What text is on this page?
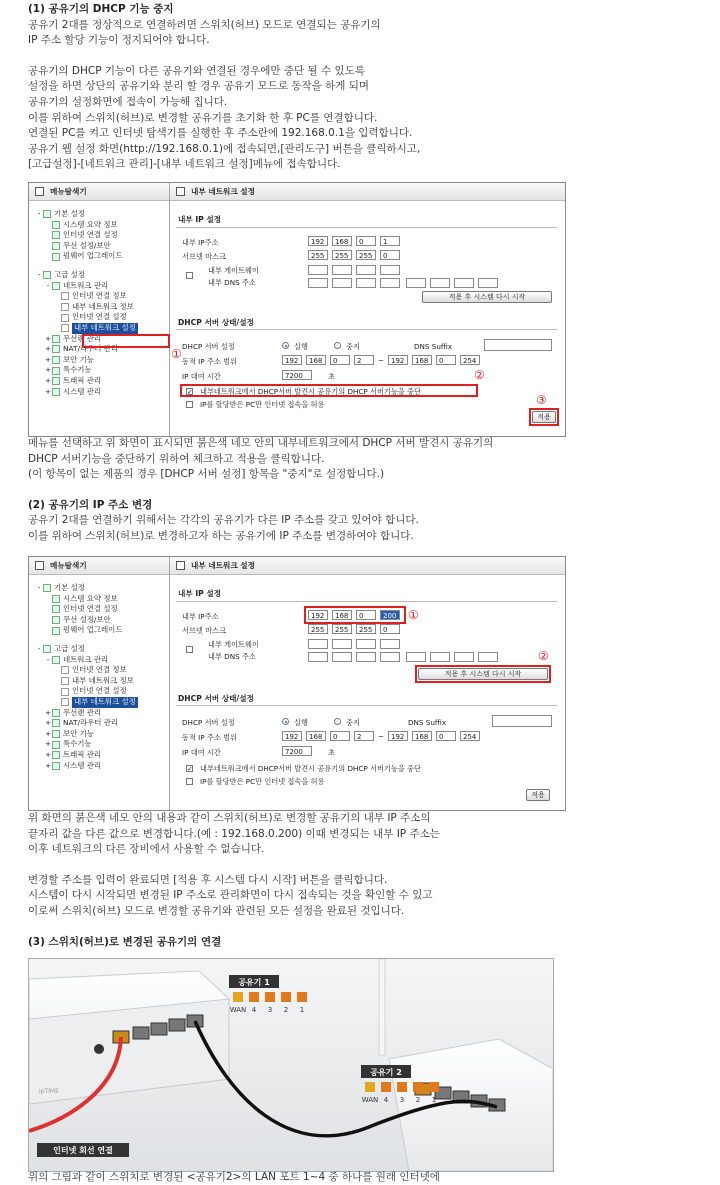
(1) 공유기의 DHCP 기능 중지
공유기 2대를 정상적으로 연결하려면 스위치(허브) 모드로 연결되는 공유기의
IP 주소 할당 기능이 정지되어야 합니다.
공유기의 DHCP 기능이 다른 공유기와 연결된 경우에만 중단 될 수 있도록
설정을 하면 상단의 공유기와 분리 할 경우 공유기 모드로 동작을 하게 되며
공유기의 설정화면에 접속이 가능해 집니다.
이를 위하여 스위치(허브)로 변경할 공유기를 초기화 한 후 PC를 연결합니다.
연결된 PC를 켜고 인터넷 탐색기를 실행한 후 주소란에 192.168.0.1을 입력합니다.
공유기 웹 설정 화면(http://192.168.0.1)에 접속되면,[관리도구] 버튼을 클릭하시고,
[고급설정]-[네트워크 관리]-[내부 네트워크 설정]메뉴에 접속합니다.
메뉴탐색기
-	기본 설정
시스템 요약 정보
인터넷 연결 설정
무선 설정/보안
펌웨어 업그레이드
-	고급 설정
-	네트워크 관리
인터넷 연결 정보
내부 네트워크 정보
인터넷 연결 설정
내부 네트워크 설정
+ 무선랜 관리
+ NAT/라우터 관리
+ 보안 기능
+ 특수기능
+ 트래픽 관리
+ 시스템 관리
내부 네트워크 설정
내부 IP 설정
내부 IP주소	192	168	0	1
서브넷 마스크	255	255	255	0
내부 게이트웨이
내부 DNS 주소
적용 후 시스템 다시 시작
DHCP 서버 상태/설정
DHCP 서버 설정	실행	중지	DNS Suffix
동적 IP 주소 범위	192	168	0	2	~ 192	168	0	254
IP 대여 시간	7200	초
✓ 내부네트워크에서 DHCP서버 발견시 공유기의 DHCP 서버기능을 중단
IP를 할당받은 PC만 인터넷 접속을 허용
적용
②
③
①
메뉴를 선택하고 위 화면이 표시되면 붉은색 네모 안의 내부네트워크에서 DHCP 서버 발견시 공유기의
DHCP 서버기능을 중단하기 위하여 체크하고 적용을 클릭합니다.
(이 항목이 없는 제품의 경우 [DHCP 서버 설정] 항목을 "중지"로 설정합니다.)
(2) 공유기의 IP 주소 변경
공유기 2대를 연결하기 위해서는 각각의 공유기가 다른 IP 주소를 갖고 있어야 합니다.
이를 위하여 스위치(허브)로 변경하고자 하는 공유기에 IP 주소를 변경하여야 합니다.
메뉴탐색기
-	기본 설정
시스템 요약 정보
인터넷 연결 설정
무선 설정/보안
펌웨어 업그레이드
-	고급 설정
-	네트워크 관리
인터넷 연결 정보
내부 네트워크 정보
인터넷 연결 설정
내부 네트워크 설정
+ 무선랜 관리
+ NAT/라우터 관리
+ 보안 기능
+ 특수기능
+ 트래픽 관리
+ 시스템 관리
내부 네트워크 설정
내부 IP 설정
내부 IP주소	192	168	0	200
서브넷 마스크	255	255	255	0
내부 게이트웨이
내부 DNS 주소
적용 후 시스템 다시 시작
①
②
DHCP 서버 상태/설정
DHCP 서버 설정	실행	중지	DNS Suffix
동적 IP 주소 범위	192	168	0	2	~ 192	168	0	254
IP 대여 시간	7200	초
✓ 내부네트워크에서 DHCP서버 발견시 공유기의 DHCP 서버기능을 중단
IP를 할당받은 PC만 인터넷 접속을 허용
적용
위 화면의 붉은색 네모 안의 내용과 같이 스위치(허브)로 변경할 공유기의 내부 IP 주소의
끝자리 값을 다른 값으로 변경합니다.(예 : 192.168.0.200) 이때 변경되는 내부 IP 주소는
이후 네트워크의 다른 장비에서 사용할 수 없습니다.
변경할 주소를 입력이 완료되면 [적용 후 시스템 다시 시작] 버튼을 클릭합니다.
시스템이 다시 시작되면 변경된 IP 주소로 관리화면이 다시 접속되는 것을 확인할 수 있고
이로써 스위치(허브) 모드로 변경할 공유기와 관련된 모든 설정을 완료된 것입니다.
(3) 스위치(허브)로 변경된 공유기의 연결
ipTIME
공유기 1
WAN 4 3 2 1
공유기 2
WAN 4 3 2 1
인터넷 회선 연결
위의 그림과 같이 스위치로 변경된 <공유기2>의 LAN 포트 1~4 중 하나를 원래 인터넷에
